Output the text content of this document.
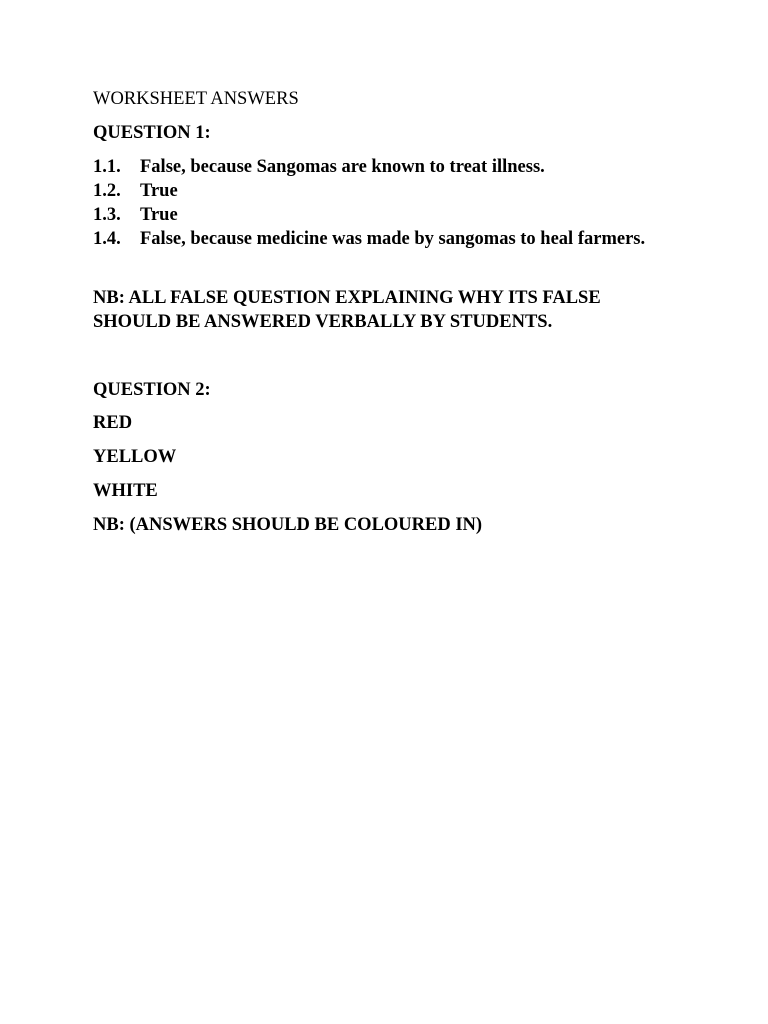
WORKSHEET ANSWERS
QUESTION 1:
1.1.	False, because Sangomas are known to treat illness.
1.2.	True
1.3.	True
1.4.	False, because medicine was made by sangomas to heal farmers.
NB: ALL FALSE QUESTION EXPLAINING WHY ITS FALSE SHOULD BE ANSWERED VERBALLY BY STUDENTS.
QUESTION 2:
RED
YELLOW
WHITE
NB: (ANSWERS SHOULD BE COLOURED IN)
